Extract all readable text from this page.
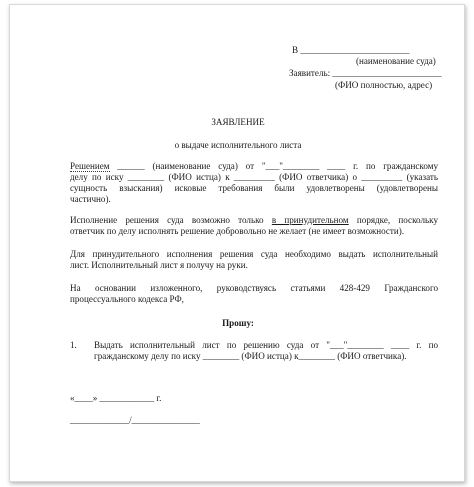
В ________________________
(наименование суда)
Заявитель: ________________________
(ФИО полностью, адрес)
ЗАЯВЛЕНИЕ
о выдаче исполнительного листа
Решением ______ (наименование суда) от "___"________ ____ г. по гражданскому
делу по иску ________ (ФИО истца) к _________ (ФИО ответчика) о _________ (указать
сущность взыскания) исковые требования были удовлетворены (удовлетворены
частично).
Исполнение решения суда возможно только в принудительном порядке, поскольку
ответчик по делу исполнять решение добровольно не желает (не имеет возможности).
Для принудительного исполнения решения суда необходимо выдать исполнительный
лист. Исполнительный лист я получу на руки.
На основании изложенного, руководствуясь статьями 428-429 Гражданского
процессуального кодекса РФ,
Прошу:
1. Выдать исполнительный лист по решению суда от "___"________ ____ г. по
гражданскому делу по иску ________ (ФИО истца) к________ (ФИО ответчика).
«____» ____________ г.
_____________/_______________
